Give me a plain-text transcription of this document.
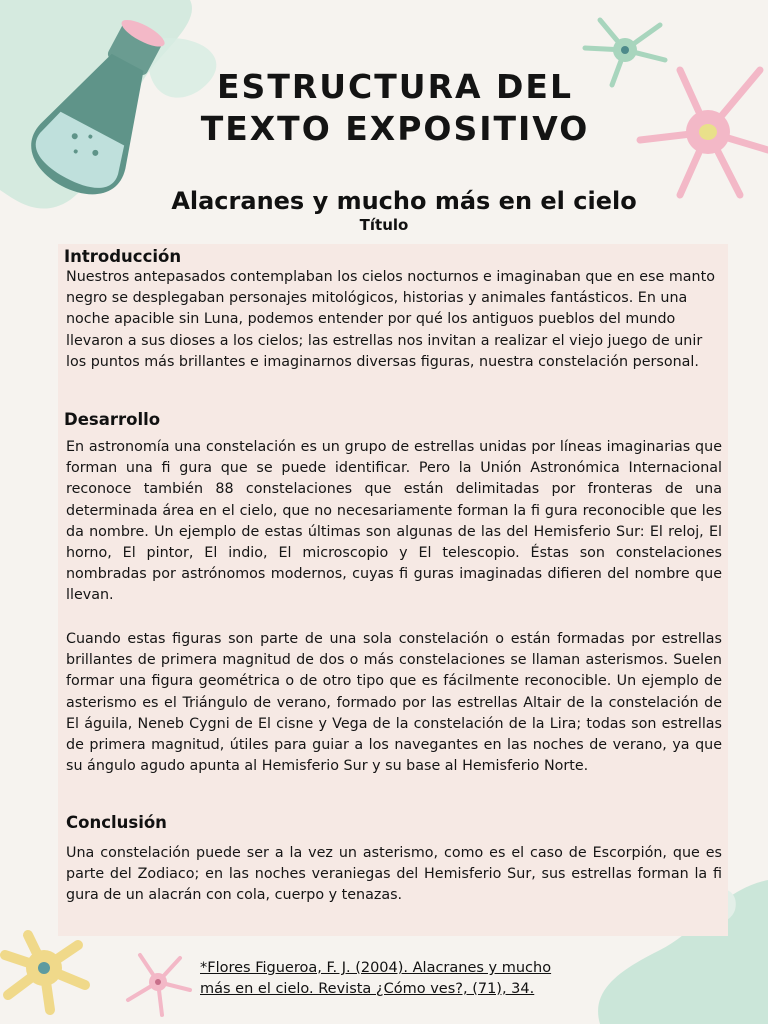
ESTRUCTURA DEL
TEXTO EXPOSITIVO
Alacranes y mucho más en el cielo
Título
Introducción

Nuestros antepasados contemplaban los cielos nocturnos e imaginaban que en ese manto negro se desplegaban personajes mitológicos, historias y animales fantásticos. En una noche apacible sin Luna, podemos entender por qué los antiguos pueblos del mundo llevaron a sus dioses a los cielos; las estrellas nos invitan a realizar el viejo juego de unir los puntos más brillantes e imaginarnos diversas figuras, nuestra constelación personal.

Desarrollo

En astronomía una constelación es un grupo de estrellas unidas por líneas imaginarias que forman una fi gura que se puede identificar. Pero la Unión Astronómica Internacional reconoce también 88 constelaciones que están delimitadas por fronteras de una determinada área en el cielo, que no necesariamente forman la fi gura reconocible que les da nombre. Un ejemplo de estas últimas son algunas de las del Hemisferio Sur: El reloj, El horno, El pintor, El indio, El microscopio y El telescopio. Éstas son constelaciones nombradas por astrónomos modernos, cuyas fi guras imaginadas difieren del nombre que llevan.

Cuando estas figuras son parte de una sola constelación o están formadas por estrellas brillantes de primera magnitud de dos o más constelaciones se llaman asterismos. Suelen formar una figura geométrica o de otro tipo que es fácilmente reconocible. Un ejemplo de asterismo es el Triángulo de verano, formado por las estrellas Altair de la constelación de El águila, Neneb Cygni de El cisne y Vega de la constelación de la Lira; todas son estrellas de primera magnitud, útiles para guiar a los navegantes en las noches de verano, ya que su ángulo agudo apunta al Hemisferio Sur y su base al Hemisferio Norte.

Conclusión

Una constelación puede ser a la vez un asterismo, como es el caso de Escorpión, que es parte del Zodiaco; en las noches veraniegas del Hemisferio Sur, sus estrellas forman la fi gura de un alacrán con cola, cuerpo y tenazas.

*Flores Figueroa, F. J. (2004). Alacranes y mucho más en el cielo. Revista ¿Cómo ves?, (71), 34.
